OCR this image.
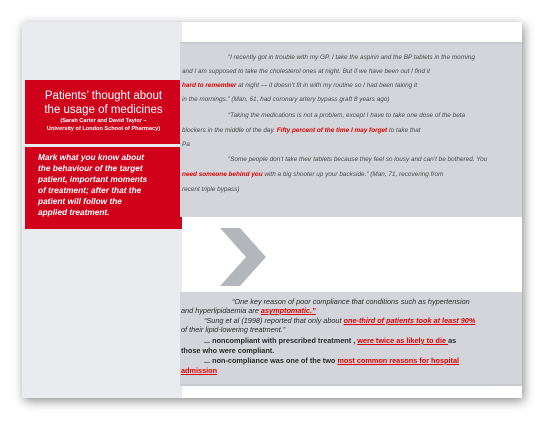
Patients’ thought about
the usage of medicines
(Sarah Carter and David Taylor –
University of London School of Pharmacy)
Mark what you know about
the behaviour of the target
patient, important moments
of treatment; after that the
patient will follow the
applied treatment.
“I recently got in trouble with my GP. I take the aspirin and the BP tablets in the morning
and I am supposed to take the cholesterol ones at night. But if we have been out I find it
hard to remember at night — it doesn’t fit in with my routine so I had been taking it
in the mornings.” (Man, 61, had coronary artery bypass graft 8 years ago)
“Taking the medications is not a problem, except I have to take one dose of the beta
blockers in the middle of the day. Fifty percent of the time I may forget to take that
Pa
“Some people don’t take their tablets because they feel so lousy and can’t be bothered. You
need someone behind you with a big shooter up your backside.” (Man, 71, recovering from
recent triple bypass)
“One key reason of poor compliance that conditions such as hypertension
and hyperlipidaemia are asymptomatic.”
“Sung et al (1998) reported that only about one-third of patients took at least 90%
of their lipid-lowering treatment.”
... noncompliant with prescribed treatment , were twice as likely to die as
those who were compliant.
... non-compliance was one of the two most common reasons for hospital
admission
